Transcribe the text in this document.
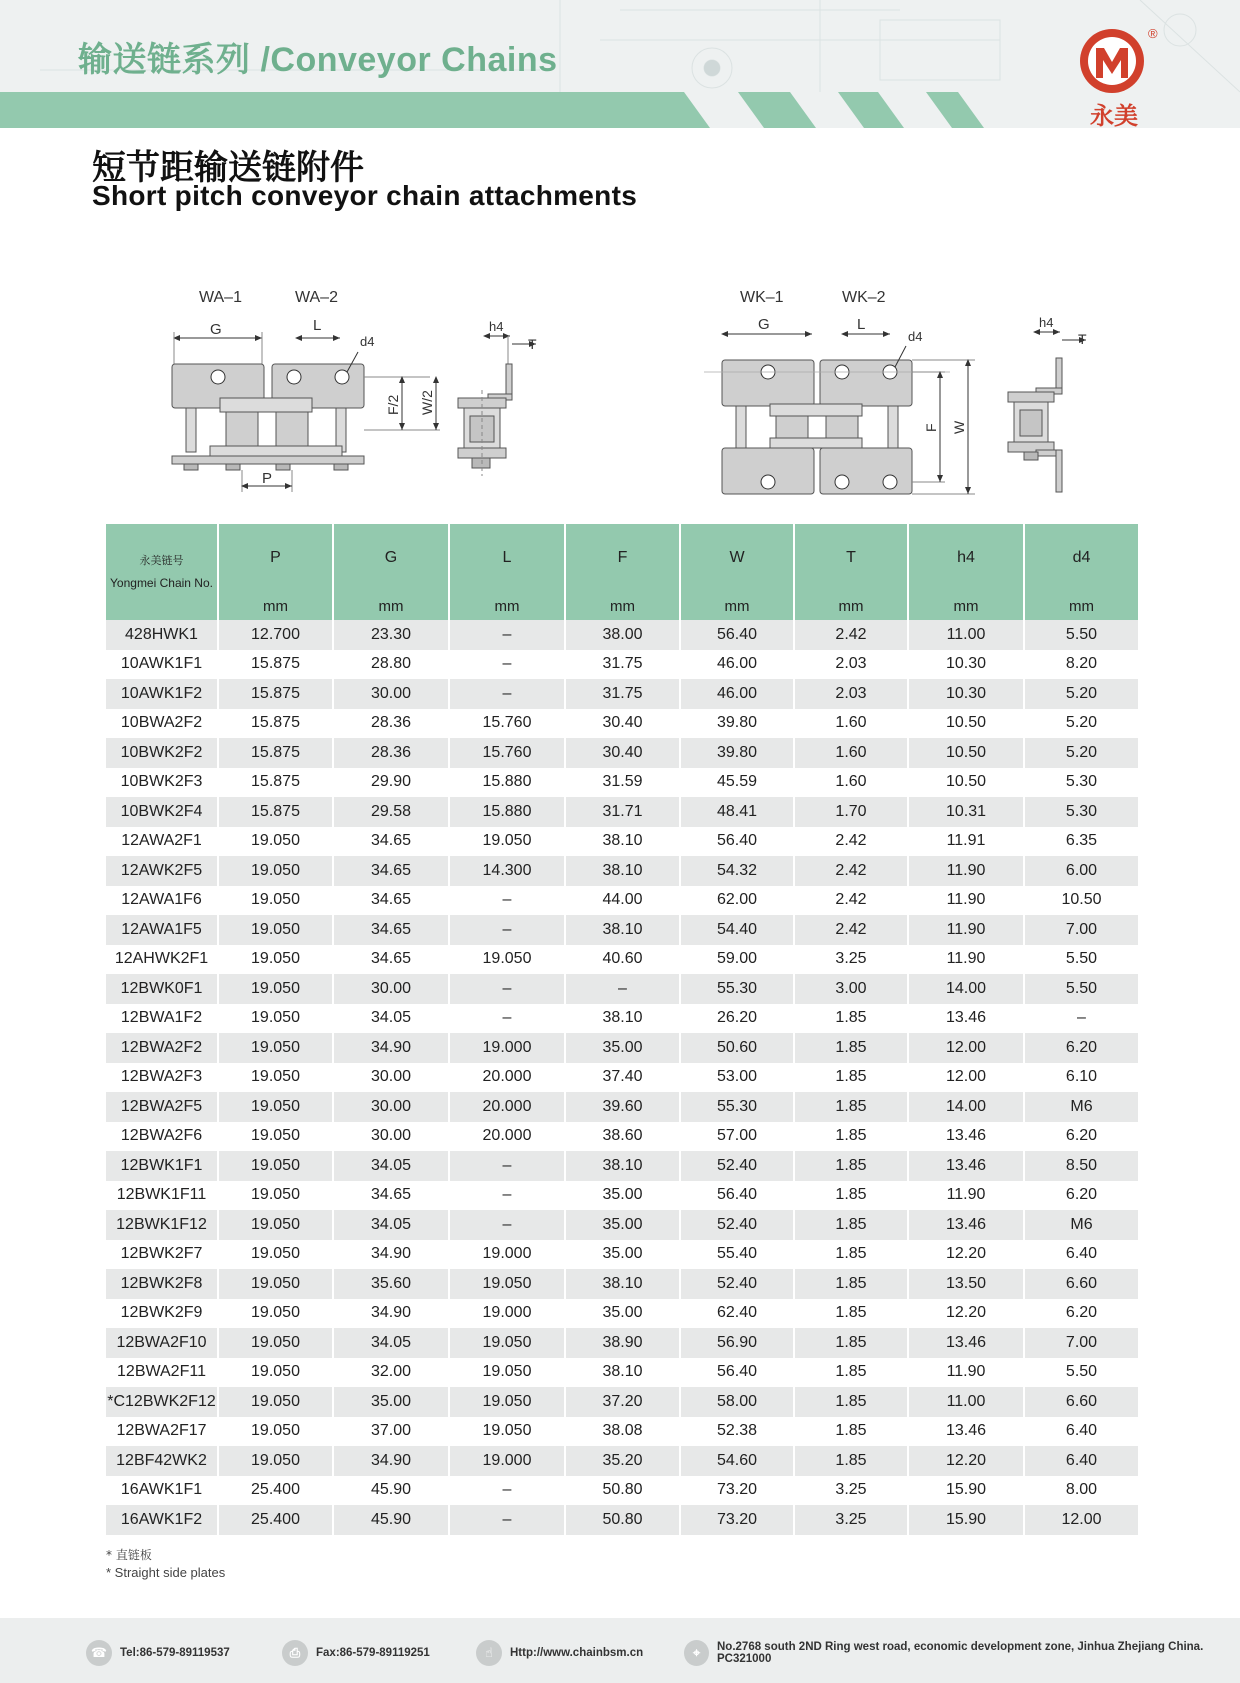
输送链系列 /Conveyor Chains
®
永美
短节距输送链附件
Short pitch conveyor chain attachments
WA–1	WA–2
G	L
d4
P
F/2 W/2
h4
T
WK–1	WK–2
G	L
d4
F W
h4
T
永美链号
Yongmei Chain No.	P	G	L	F	W	T	h4	d4
	mm	mm	mm	mm	mm	mm	mm	mm
428HWK1	12.700	23.30	–	38.00	56.40	2.42	11.00	5.50
10AWK1F1	15.875	28.80	–	31.75	46.00	2.03	10.30	8.20
10AWK1F2	15.875	30.00	–	31.75	46.00	2.03	10.30	5.20
10BWA2F2	15.875	28.36	15.760	30.40	39.80	1.60	10.50	5.20
10BWK2F2	15.875	28.36	15.760	30.40	39.80	1.60	10.50	5.20
10BWK2F3	15.875	29.90	15.880	31.59	45.59	1.60	10.50	5.30
10BWK2F4	15.875	29.58	15.880	31.71	48.41	1.70	10.31	5.30
12AWA2F1	19.050	34.65	19.050	38.10	56.40	2.42	11.91	6.35
12AWK2F5	19.050	34.65	14.300	38.10	54.32	2.42	11.90	6.00
12AWA1F6	19.050	34.65	–	44.00	62.00	2.42	11.90	10.50
12AWA1F5	19.050	34.65	–	38.10	54.40	2.42	11.90	7.00
12AHWK2F1	19.050	34.65	19.050	40.60	59.00	3.25	11.90	5.50
12BWK0F1	19.050	30.00	–	–	55.30	3.00	14.00	5.50
12BWA1F2	19.050	34.05	–	38.10	26.20	1.85	13.46	–
12BWA2F2	19.050	34.90	19.000	35.00	50.60	1.85	12.00	6.20
12BWA2F3	19.050	30.00	20.000	37.40	53.00	1.85	12.00	6.10
12BWA2F5	19.050	30.00	20.000	39.60	55.30	1.85	14.00	M6
12BWA2F6	19.050	30.00	20.000	38.60	57.00	1.85	13.46	6.20
12BWK1F1	19.050	34.05	–	38.10	52.40	1.85	13.46	8.50
12BWK1F11	19.050	34.65	–	35.00	56.40	1.85	11.90	6.20
12BWK1F12	19.050	34.05	–	35.00	52.40	1.85	13.46	M6
12BWK2F7	19.050	34.90	19.000	35.00	55.40	1.85	12.20	6.40
12BWK2F8	19.050	35.60	19.050	38.10	52.40	1.85	13.50	6.60
12BWK2F9	19.050	34.90	19.000	35.00	62.40	1.85	12.20	6.20
12BWA2F10	19.050	34.05	19.050	38.90	56.90	1.85	13.46	7.00
12BWA2F11	19.050	32.00	19.050	38.10	56.40	1.85	11.90	5.50
*C12BWK2F12	19.050	35.00	19.050	37.20	58.00	1.85	11.00	6.60
12BWA2F17	19.050	37.00	19.050	38.08	52.38	1.85	13.46	6.40
12BF42WK2	19.050	34.90	19.000	35.20	54.60	1.85	12.20	6.40
16AWK1F1	25.400	45.90	–	50.80	73.20	3.25	15.90	8.00
16AWK1F2	25.400	45.90	–	50.80	73.20	3.25	15.90	12.00
* 直链板
* Straight side plates
☎	Tel:86-579-89119537	⎙	Fax:86-579-89119251	☝	Http://www.chainbsm.cn	⌖	No.2768 south 2ND Ring west road, economic development zone, Jinhua Zhejiang China. PC321000
